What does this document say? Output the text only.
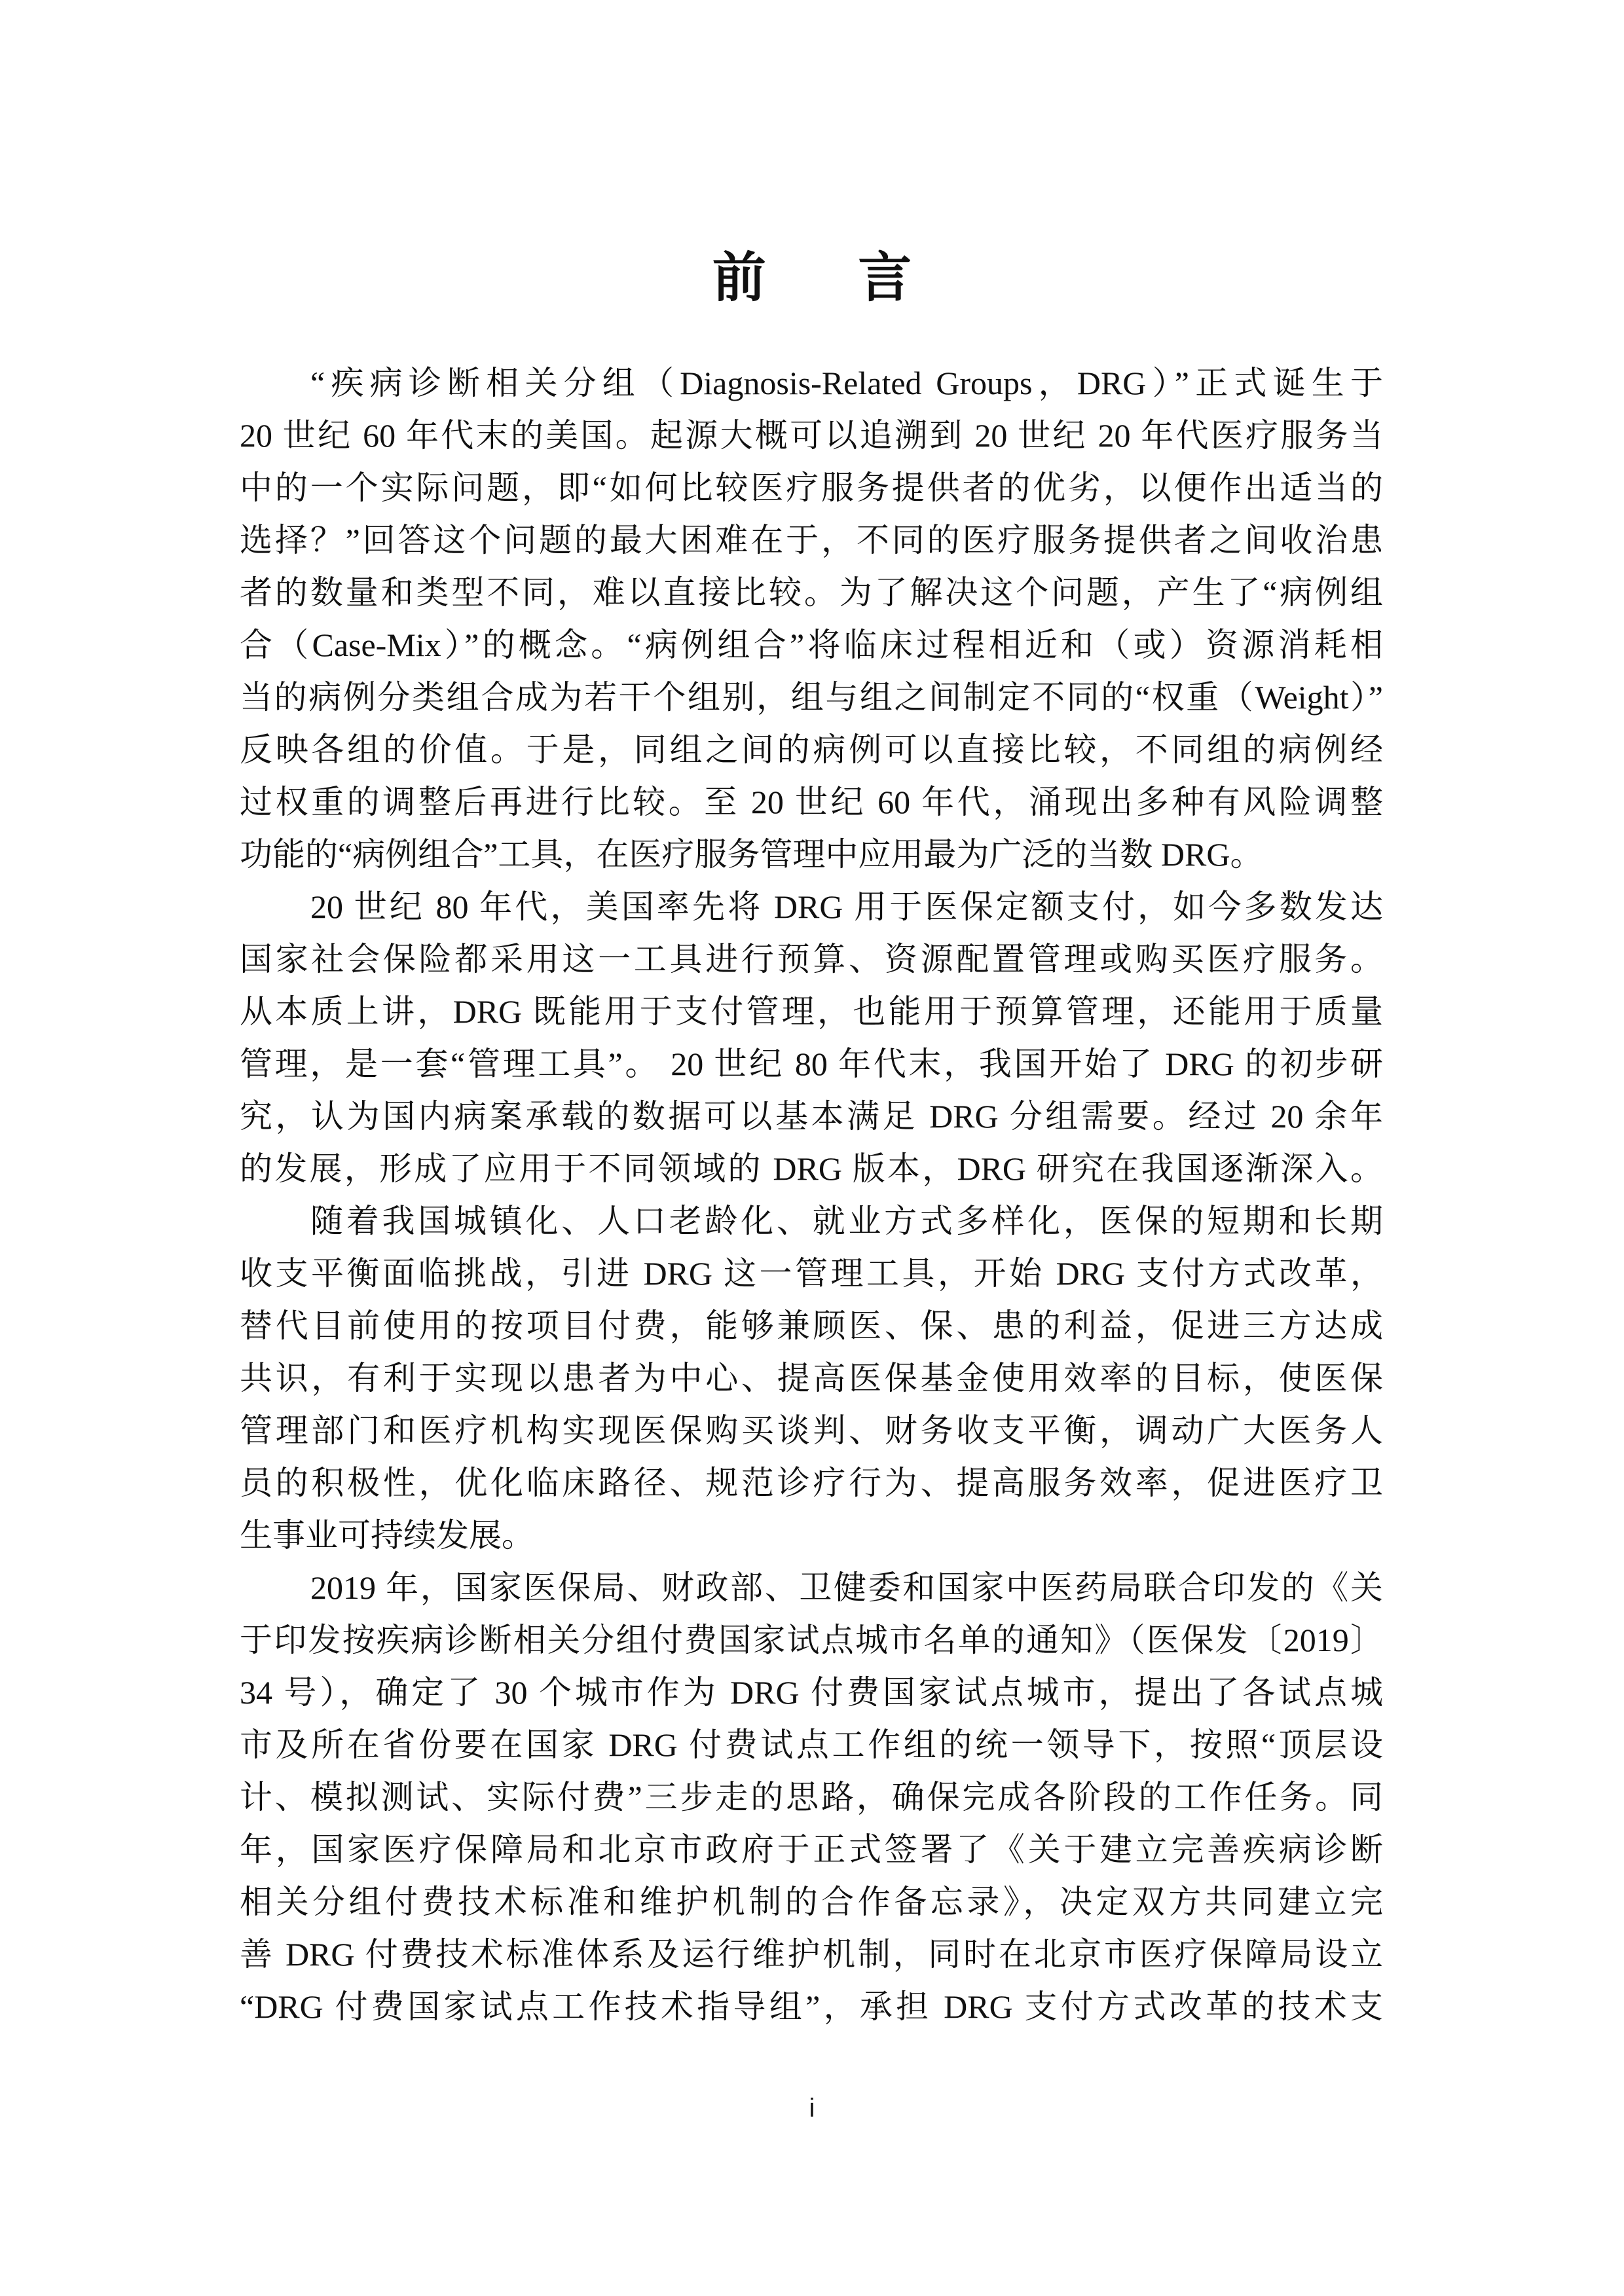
前 言
“疾病诊断相关分组（Diagnosis-Related Groups，DRG）”正式诞生于
20 世纪 60 年代末的美国。起源大概可以追溯到 20 世纪 20 年代医疗服务当
中的一个实际问题，即“如何比较医疗服务提供者的优劣，以便作出适当的
选择？”回答这个问题的最大困难在于，不同的医疗服务提供者之间收治患
者的数量和类型不同，难以直接比较。为了解决这个问题，产生了“病例组
合（Case-Mix）”的概念。“病例组合”将临床过程相近和（或）资源消耗相
当的病例分类组合成为若干个组别，组与组之间制定不同的“权重（Weight）”
反映各组的价值。于是，同组之间的病例可以直接比较，不同组的病例经
过权重的调整后再进行比较。至 20 世纪 60 年代，涌现出多种有风险调整
功能的“病例组合”工具，在医疗服务管理中应用最为广泛的当数 DRG。
20 世纪 80 年代，美国率先将 DRG 用于医保定额支付，如今多数发达
国家社会保险都采用这一工具进行预算、资源配置管理或购买医疗服务。
从本质上讲，DRG 既能用于支付管理，也能用于预算管理，还能用于质量
管理，是一套“管理工具”。 20 世纪 80 年代末，我国开始了 DRG 的初步研
究，认为国内病案承载的数据可以基本满足 DRG 分组需要。经过 20 余年
的发展，形成了应用于不同领域的 DRG 版本，DRG 研究在我国逐渐深入。
随着我国城镇化、人口老龄化、就业方式多样化，医保的短期和长期
收支平衡面临挑战，引进 DRG 这一管理工具，开始 DRG 支付方式改革，
替代目前使用的按项目付费，能够兼顾医、保、患的利益，促进三方达成
共识，有利于实现以患者为中心、提高医保基金使用效率的目标，使医保
管理部门和医疗机构实现医保购买谈判、财务收支平衡，调动广大医务人
员的积极性，优化临床路径、规范诊疗行为、提高服务效率，促进医疗卫
生事业可持续发展。
2019 年，国家医保局、财政部、卫健委和国家中医药局联合印发的《关
于印发按疾病诊断相关分组付费国家试点城市名单的通知》（医保发〔2019〕
34 号），确定了 30 个城市作为 DRG 付费国家试点城市，提出了各试点城
市及所在省份要在国家 DRG 付费试点工作组的统一领导下，按照“顶层设
计、模拟测试、实际付费”三步走的思路，确保完成各阶段的工作任务。同
年，国家医疗保障局和北京市政府于正式签署了《关于建立完善疾病诊断
相关分组付费技术标准和维护机制的合作备忘录》，决定双方共同建立完
善 DRG 付费技术标准体系及运行维护机制，同时在北京市医疗保障局设立
“DRG 付费国家试点工作技术指导组”，承担 DRG 支付方式改革的技术支
i
